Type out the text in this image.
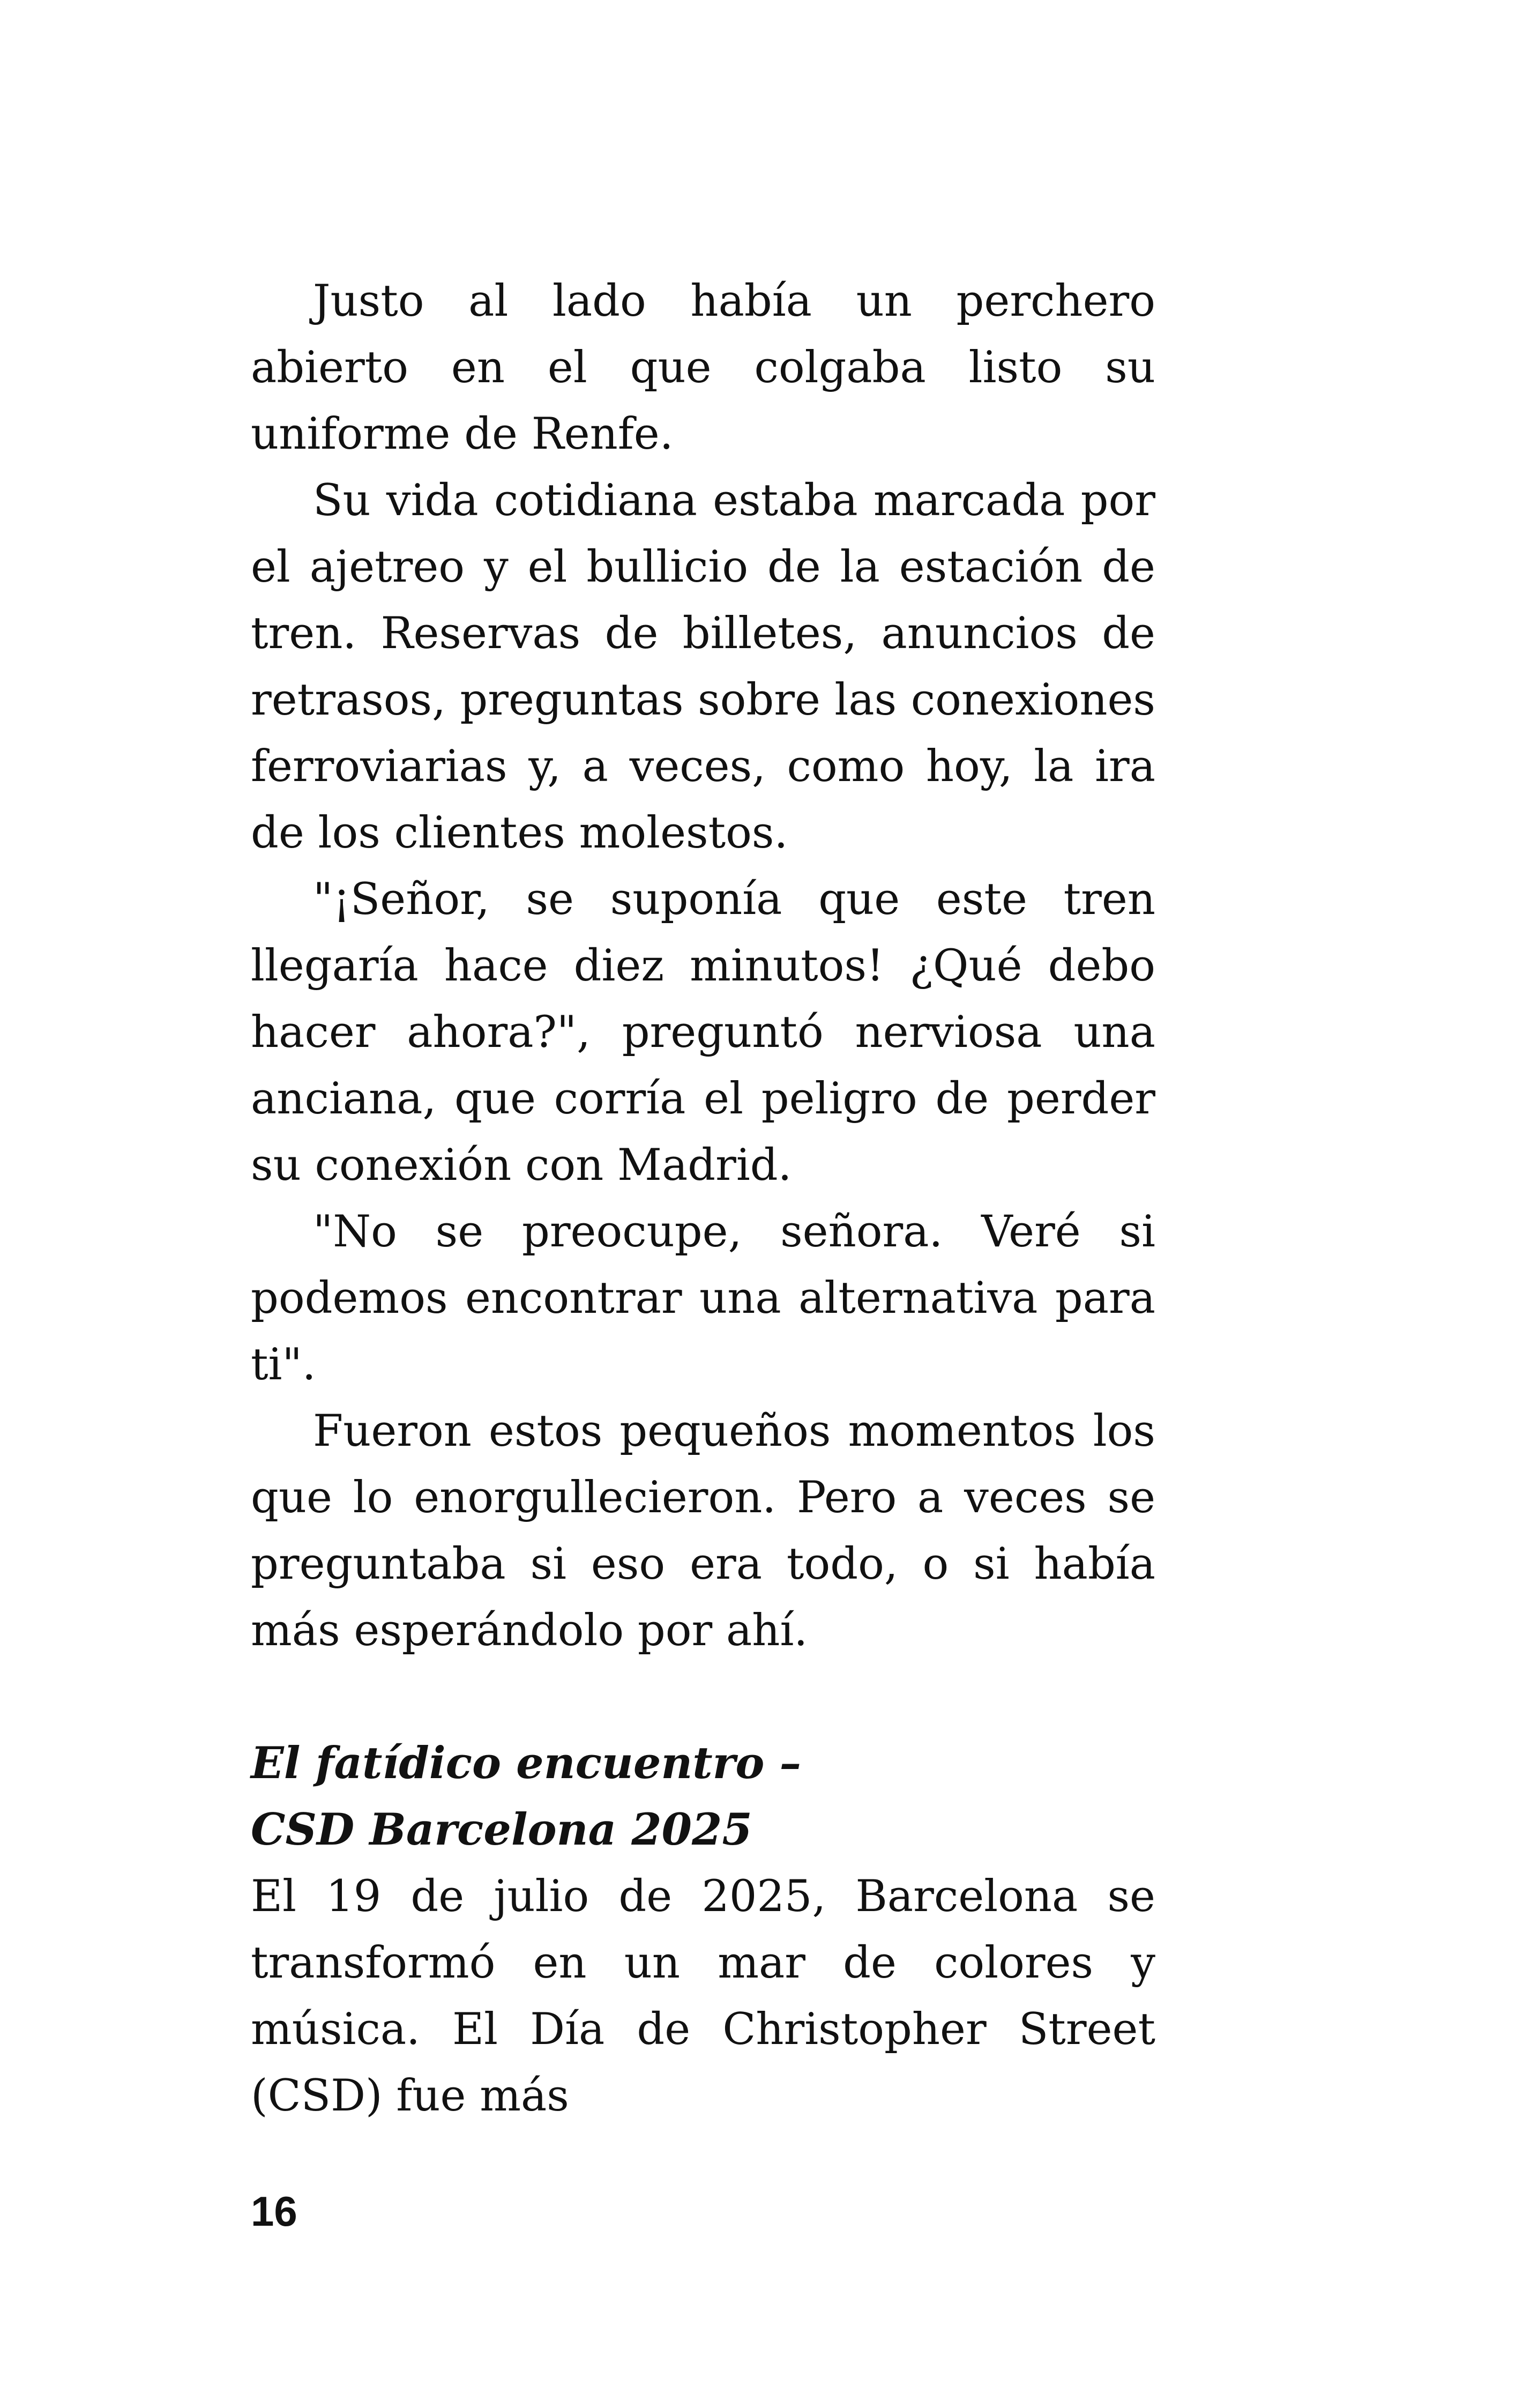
Justo al lado había un perchero abierto en el que colgaba listo su uniforme de Renfe.

Su vida cotidiana estaba marcada por el ajetreo y el bullicio de la estación de tren. Reservas de billetes, anuncios de retrasos, preguntas sobre las conexiones ferroviarias y, a veces, como hoy, la ira de los clientes molestos.

"¡Señor, se suponía que este tren llegaría hace diez minutos! ¿Qué debo hacer ahora?", preguntó nerviosa una anciana, que corría el peligro de perder su conexión con Madrid.

"No se preocupe, señora. Veré si podemos encontrar una alternativa para ti".

Fueron estos pequeños momentos los que lo enorgullecieron. Pero a veces se preguntaba si eso era todo, o si había más esperándolo por ahí.

El fatídico encuentro –

CSD Barcelona 2025

El 19 de julio de 2025, Barcelona se transformó en un mar de colores y música. El Día de Christopher Street (CSD) fue más

16
